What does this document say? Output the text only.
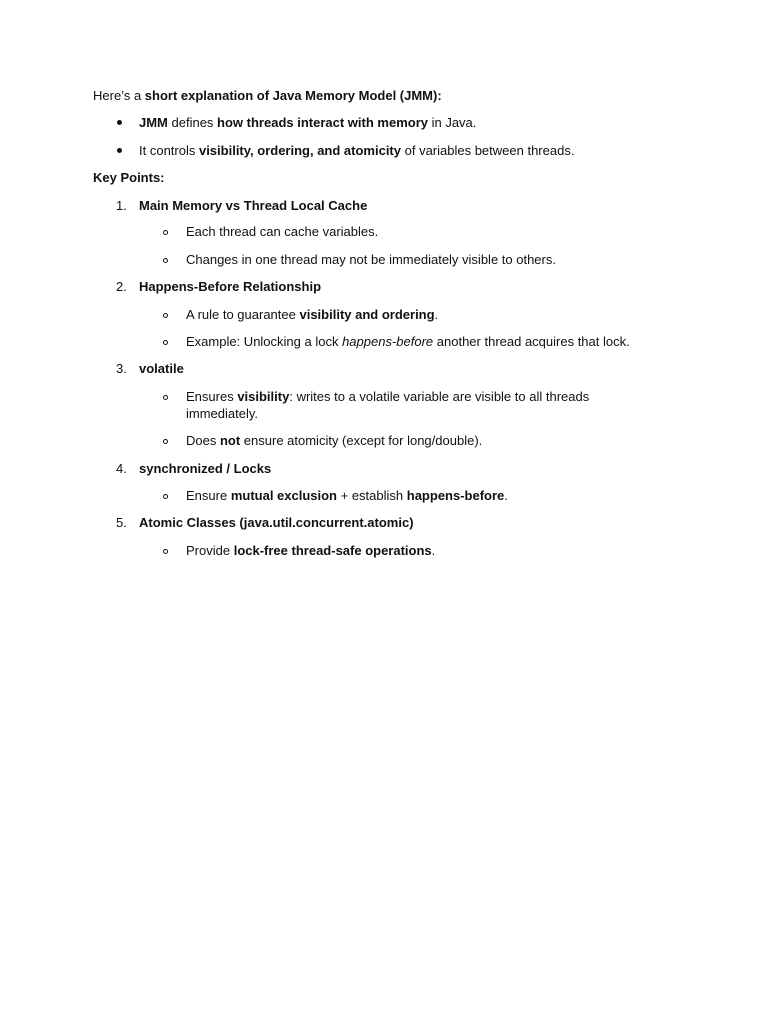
Here’s a short explanation of Java Memory Model (JMM):
JMM defines how threads interact with memory in Java.
It controls visibility, ordering, and atomicity of variables between threads.
Key Points:
1. Main Memory vs Thread Local Cache
Each thread can cache variables.
Changes in one thread may not be immediately visible to others.
2. Happens-Before Relationship
A rule to guarantee visibility and ordering.
Example: Unlocking a lock happens-before another thread acquires that lock.
3. volatile
Ensures visibility: writes to a volatile variable are visible to all threads immediately.
Does not ensure atomicity (except for long/double).
4. synchronized / Locks
Ensure mutual exclusion + establish happens-before.
5. Atomic Classes (java.util.concurrent.atomic)
Provide lock-free thread-safe operations.
